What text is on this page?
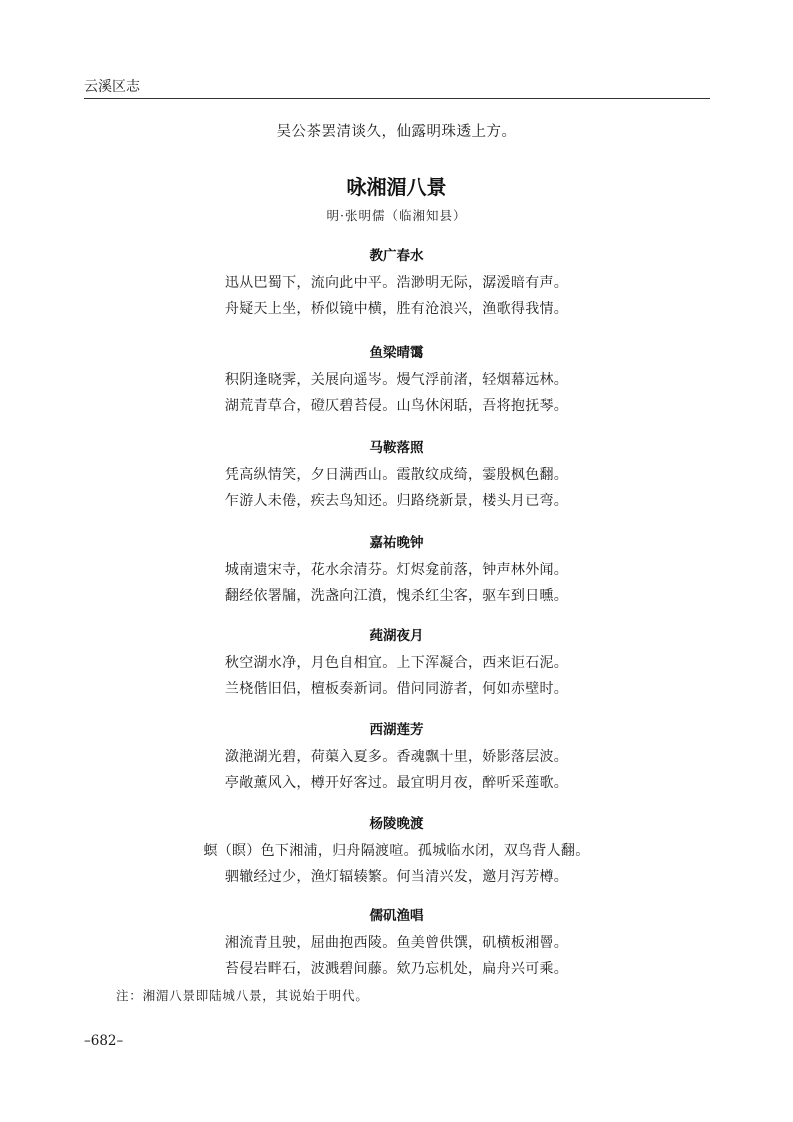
云溪区志
吴公茶罢清谈久，仙露明珠透上方。
咏湘湄八景
明·张明儒（临湘知县）
教广春水
迅从巴蜀下，流向此中平。浩渺明无际，潺湲暗有声。
舟疑天上坐，桥似镜中横，胜有沧浪兴，渔歌得我情。
鱼梁晴霭
积阴逢晓霁，关展向遥岑。熳气浮前渚，轻烟幕远林。
湖荒青草合，磴仄碧苔侵。山鸟休闲聒，吾将抱抚琴。
马鞍落照
凭高纵情笑，夕日满西山。霞散纹成绮，霎殷枫色翻。
乍游人未倦，疾去鸟知还。归路绕新景，楼头月已弯。
嘉祐晚钟
城南遗宋寺，花水余清芬。灯烬龛前落，钟声林外闻。
翻经依署牖，洗盏向江濆，愧杀红尘客，驱车到日曛。
莼湖夜月
秋空湖水净，月色自相宜。上下浑凝合，西来讵石泥。
兰桡偕旧侣，檀板奏新词。借问同游者，何如赤壁时。
西湖莲芳
潋滟湖光碧，荷蕖入夏多。香魂飘十里，娇影落层波。
亭敞薰风入，樽开好客过。最宜明月夜，醉听采莲歌。
杨陵晚渡
螟（瞑）色下湘浦，归舟隔渡喧。孤城临水闭，双鸟背人翻。
驷辙经过少，渔灯辐辏繁。何当清兴发，邀月泻芳樽。
儒矶渔唱
湘流青且驶，屈曲抱西陵。鱼美曾供馔，矶横板湘罾。
苔侵岩畔石，波溅碧间藤。欸乃忘机处，扁舟兴可乘。
注：湘湄八景即陆城八景，其说始于明代。
–682–
